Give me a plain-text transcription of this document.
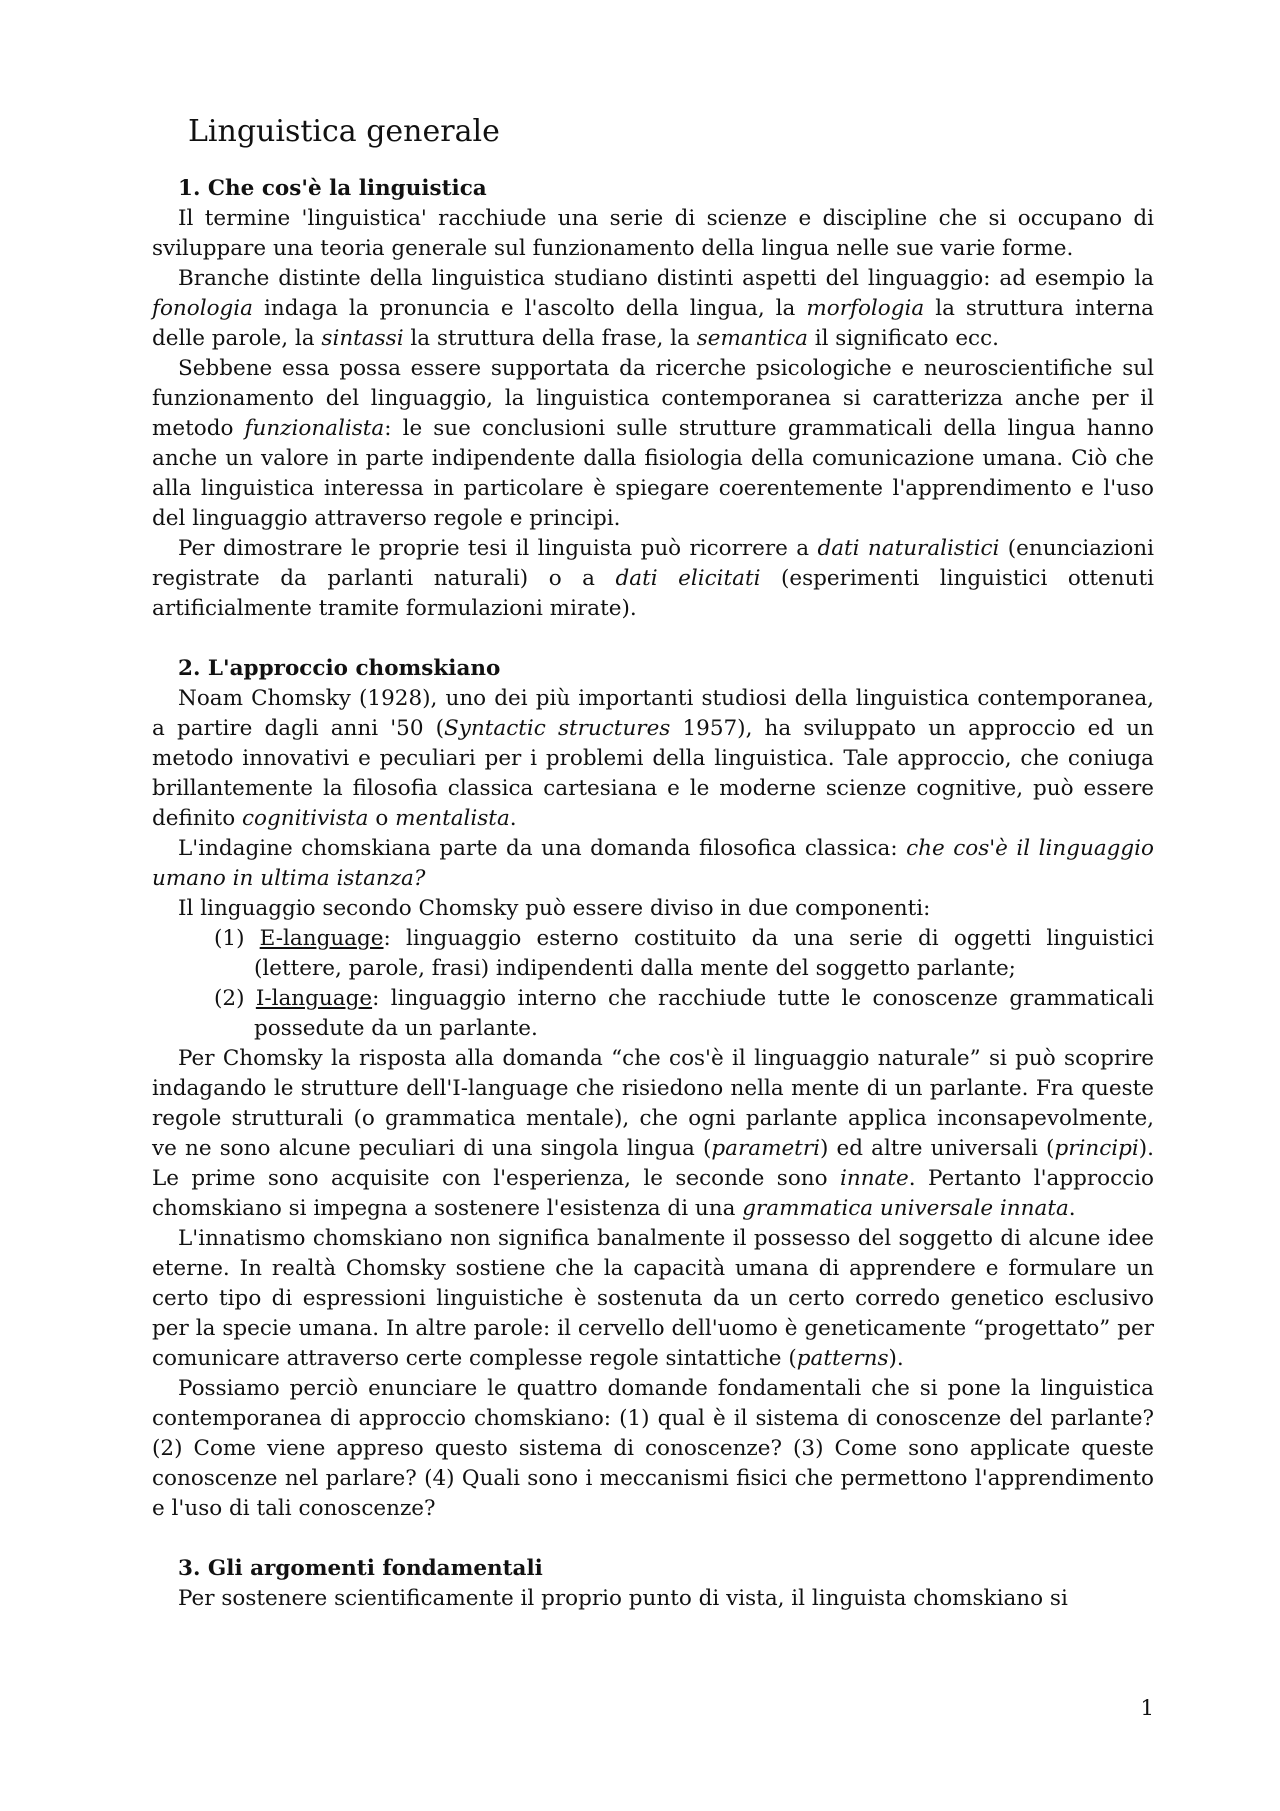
Linguistica generale
1. Che cos'è la linguistica

Il termine 'linguistica' racchiude una serie di scienze e discipline che si occupano di sviluppare una teoria generale sul funzionamento della lingua nelle sue varie forme.

Branche distinte della linguistica studiano distinti aspetti del linguaggio: ad esempio la fonologia indaga la pronuncia e l'ascolto della lingua, la morfologia la struttura interna delle parole, la sintassi la struttura della frase, la semantica il significato ecc.

Sebbene essa possa essere supportata da ricerche psicologiche e neuroscientifiche sul funzionamento del linguaggio, la linguistica contemporanea si caratterizza anche per il metodo funzionalista: le sue conclusioni sulle strutture grammaticali della lingua hanno anche un valore in parte indipendente dalla fisiologia della comunicazione umana. Ciò che alla linguistica interessa in particolare è spiegare coerentemente l'apprendimento e l'uso del linguaggio attraverso regole e principi.

Per dimostrare le proprie tesi il linguista può ricorrere a dati naturalistici (enunciazioni registrate da parlanti naturali) o a dati elicitati (esperimenti linguistici ottenuti artificialmente tramite formulazioni mirate).

2. L'approccio chomskiano

Noam Chomsky (1928), uno dei più importanti studiosi della linguistica contemporanea, a partire dagli anni '50 (Syntactic structures 1957), ha sviluppato un approccio ed un metodo innovativi e peculiari per i problemi della linguistica. Tale approccio, che coniuga brillantemente la filosofia classica cartesiana e le moderne scienze cognitive, può essere definito cognitivista o mentalista.

L'indagine chomskiana parte da una domanda filosofica classica: che cos'è il linguaggio umano in ultima istanza?

Il linguaggio secondo Chomsky può essere diviso in due componenti:

(1) E-language: linguaggio esterno costituito da una serie di oggetti linguistici (lettere, parole, frasi) indipendenti dalla mente del soggetto parlante;
(2) I-language: linguaggio interno che racchiude tutte le conoscenze grammaticali possedute da un parlante.

Per Chomsky la risposta alla domanda “che cos'è il linguaggio naturale” si può scoprire indagando le strutture dell'I-language che risiedono nella mente di un parlante. Fra queste regole strutturali (o grammatica mentale), che ogni parlante applica inconsapevolmente, ve ne sono alcune peculiari di una singola lingua (parametri) ed altre universali (principi). Le prime sono acquisite con l'esperienza, le seconde sono innate. Pertanto l'approccio chomskiano si impegna a sostenere l'esistenza di una grammatica universale innata.

L'innatismo chomskiano non significa banalmente il possesso del soggetto di alcune idee eterne. In realtà Chomsky sostiene che la capacità umana di apprendere e formulare un certo tipo di espressioni linguistiche è sostenuta da un certo corredo genetico esclusivo per la specie umana. In altre parole: il cervello dell'uomo è geneticamente “progettato” per comunicare attraverso certe complesse regole sintattiche (patterns).

Possiamo perciò enunciare le quattro domande fondamentali che si pone la linguistica contemporanea di approccio chomskiano: (1) qual è il sistema di conoscenze del parlante? (2) Come viene appreso questo sistema di conoscenze? (3) Come sono applicate queste conoscenze nel parlare? (4) Quali sono i meccanismi fisici che permettono l'apprendimento e l'uso di tali conoscenze?

3. Gli argomenti fondamentali

Per sostenere scientificamente il proprio punto di vista, il linguista chomskiano si

1
